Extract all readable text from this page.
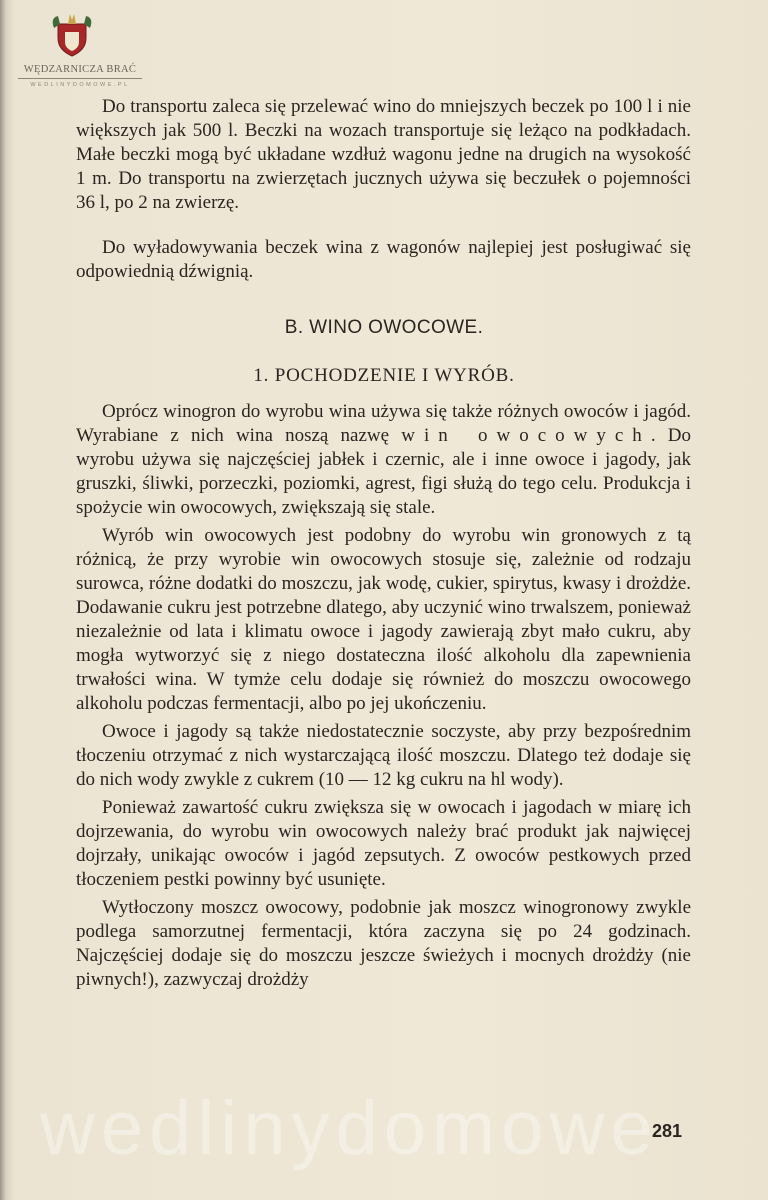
WĘDZARNICZA BRAĆ
WEDLINYDOMOWE.PL

Do transportu zaleca się przelewać wino do mniejszych beczek po 100 l i nie większych jak 500 l. Beczki na wozach transportuje się leżąco na podkładach. Małe beczki mogą być układane wzdłuż wagonu jedne na drugich na wysokość 1 m. Do transportu na zwierzętach jucznych używa się beczułek o pojemności 36 l, po 2 na zwierzę.

Do wyładowywania beczek wina z wagonów najlepiej jest posługiwać się odpowiednią dźwignią.

B. WINO OWOCOWE.
1. POCHODZENIE I WYRÓB.

Oprócz winogron do wyrobu wina używa się także różnych owoców i jagód. Wyrabiane z nich wina noszą nazwę win owocowych. Do wyrobu używa się najczęściej jabłek i czernic, ale i inne owoce i jagody, jak gruszki, śliwki, porzeczki, poziomki, agrest, figi służą do tego celu. Produkcja i spożycie win owocowych, zwiększają się stale.

Wyrób win owocowych jest podobny do wyrobu win gronowych z tą różnicą, że przy wyrobie win owocowych stosuje się, zależnie od rodzaju surowca, różne dodatki do moszczu, jak wodę, cukier, spirytus, kwasy i drożdże. Dodawanie cukru jest potrzebne dlatego, aby uczynić wino trwalszem, ponieważ niezależnie od lata i klimatu owoce i jagody zawierają zbyt mało cukru, aby mogła wytworzyć się z niego dostateczna ilość alkoholu dla zapewnienia trwałości wina. W tymże celu dodaje się również do moszczu owocowego alkoholu podczas fermentacji, albo po jej ukończeniu.

Owoce i jagody są także niedostatecznie soczyste, aby przy bezpośrednim tłoczeniu otrzymać z nich wystarczającą ilość moszczu. Dlatego też dodaje się do nich wody zwykle z cukrem (10 — 12 kg cukru na hl wody).

Ponieważ zawartość cukru zwiększa się w owocach i jagodach w miarę ich dojrzewania, do wyrobu win owocowych należy brać produkt jak najwięcej dojrzały, unikając owoców i jagód zepsutych. Z owoców pestkowych przed tłoczeniem pestki powinny być usunięte.

Wytłoczony moszcz owocowy, podobnie jak moszcz winogronowy zwykle podlega samorzutnej fermentacji, która zaczyna się po 24 godzinach. Najczęściej dodaje się do moszczu jeszcze świeżych i mocnych drożdży (nie piwnych!), zazwyczaj drożdży

wedlinydomowe
281
